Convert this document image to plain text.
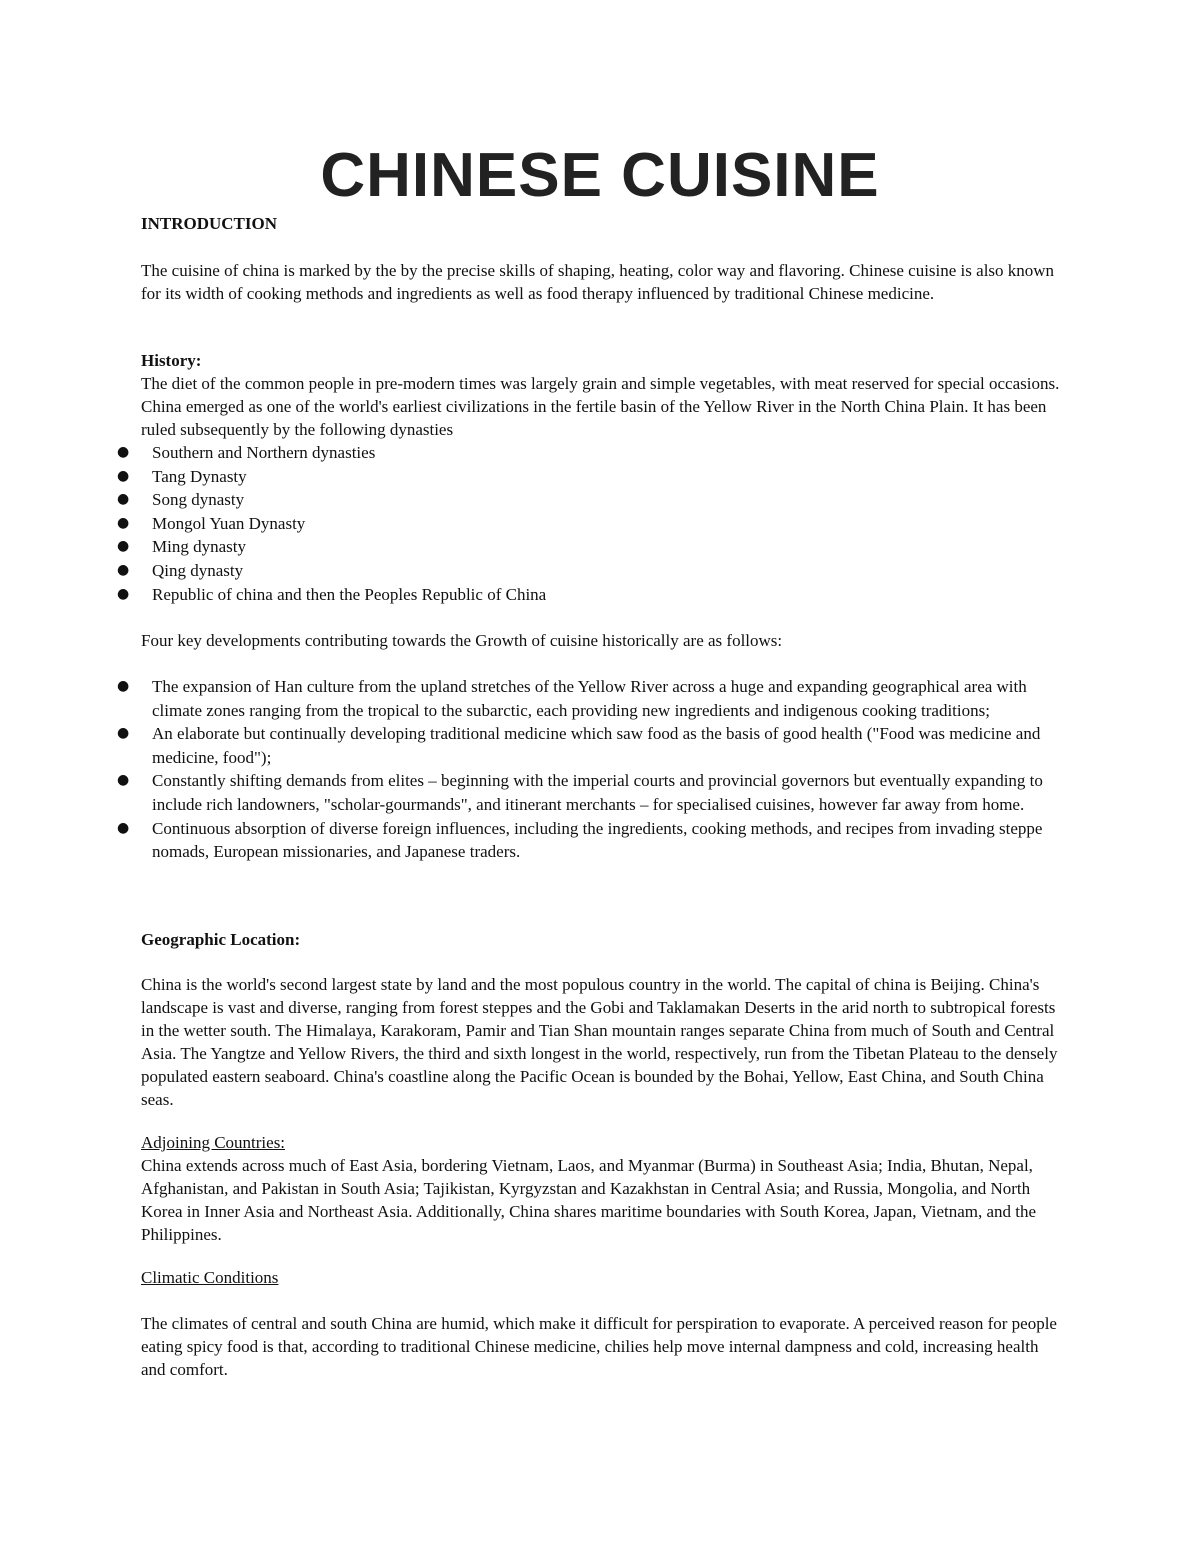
CHINESE CUISINE
INTRODUCTION
The cuisine of china is marked by the by the precise skills of shaping, heating, color way and flavoring. Chinese cuisine is also known for its width of cooking methods and ingredients as well as food therapy influenced by traditional Chinese medicine.
History:
The diet of the common people in pre-modern times was largely grain and simple vegetables, with meat reserved for special occasions. China emerged as one of the world's earliest civilizations in the fertile basin of the Yellow River in the North China Plain. It has been ruled subsequently by the following dynasties
● Southern and Northern dynasties
● Tang Dynasty
● Song dynasty
● Mongol Yuan Dynasty
● Ming dynasty
● Qing dynasty
● Republic of china and then the Peoples Republic of China
Four key developments contributing towards the Growth of cuisine historically are as follows:
● The expansion of Han culture from the upland stretches of the Yellow River across a huge and expanding geographical area with climate zones ranging from the tropical to the subarctic, each providing new ingredients and indigenous cooking traditions;
● An elaborate but continually developing traditional medicine which saw food as the basis of good health ("Food was medicine and medicine, food");
● Constantly shifting demands from elites – beginning with the imperial courts and provincial governors but eventually expanding to include rich landowners, "scholar-gourmands", and itinerant merchants – for specialised cuisines, however far away from home.
● Continuous absorption of diverse foreign influences, including the ingredients, cooking methods, and recipes from invading steppe nomads, European missionaries, and Japanese traders.
Geographic Location:
China is the world's second largest state by land and the most populous country in the world. The capital of china is Beijing. China's landscape is vast and diverse, ranging from forest steppes and the Gobi and Taklamakan Deserts in the arid north to subtropical forests in the wetter south. The Himalaya, Karakoram, Pamir and Tian Shan mountain ranges separate China from much of South and Central Asia. The Yangtze and Yellow Rivers, the third and sixth longest in the world, respectively, run from the Tibetan Plateau to the densely populated eastern seaboard. China's coastline along the Pacific Ocean is bounded by the Bohai, Yellow, East China, and South China seas.
Adjoining Countries:
China extends across much of East Asia, bordering Vietnam, Laos, and Myanmar (Burma) in Southeast Asia; India, Bhutan, Nepal, Afghanistan, and Pakistan in South Asia; Tajikistan, Kyrgyzstan and Kazakhstan in Central Asia; and Russia, Mongolia, and North Korea in Inner Asia and Northeast Asia. Additionally, China shares maritime boundaries with South Korea, Japan, Vietnam, and the Philippines.
Climatic Conditions
The climates of central and south China are humid, which make it difficult for perspiration to evaporate. A perceived reason for people eating spicy food is that, according to traditional Chinese medicine, chilies help move internal dampness and cold, increasing health and comfort.
